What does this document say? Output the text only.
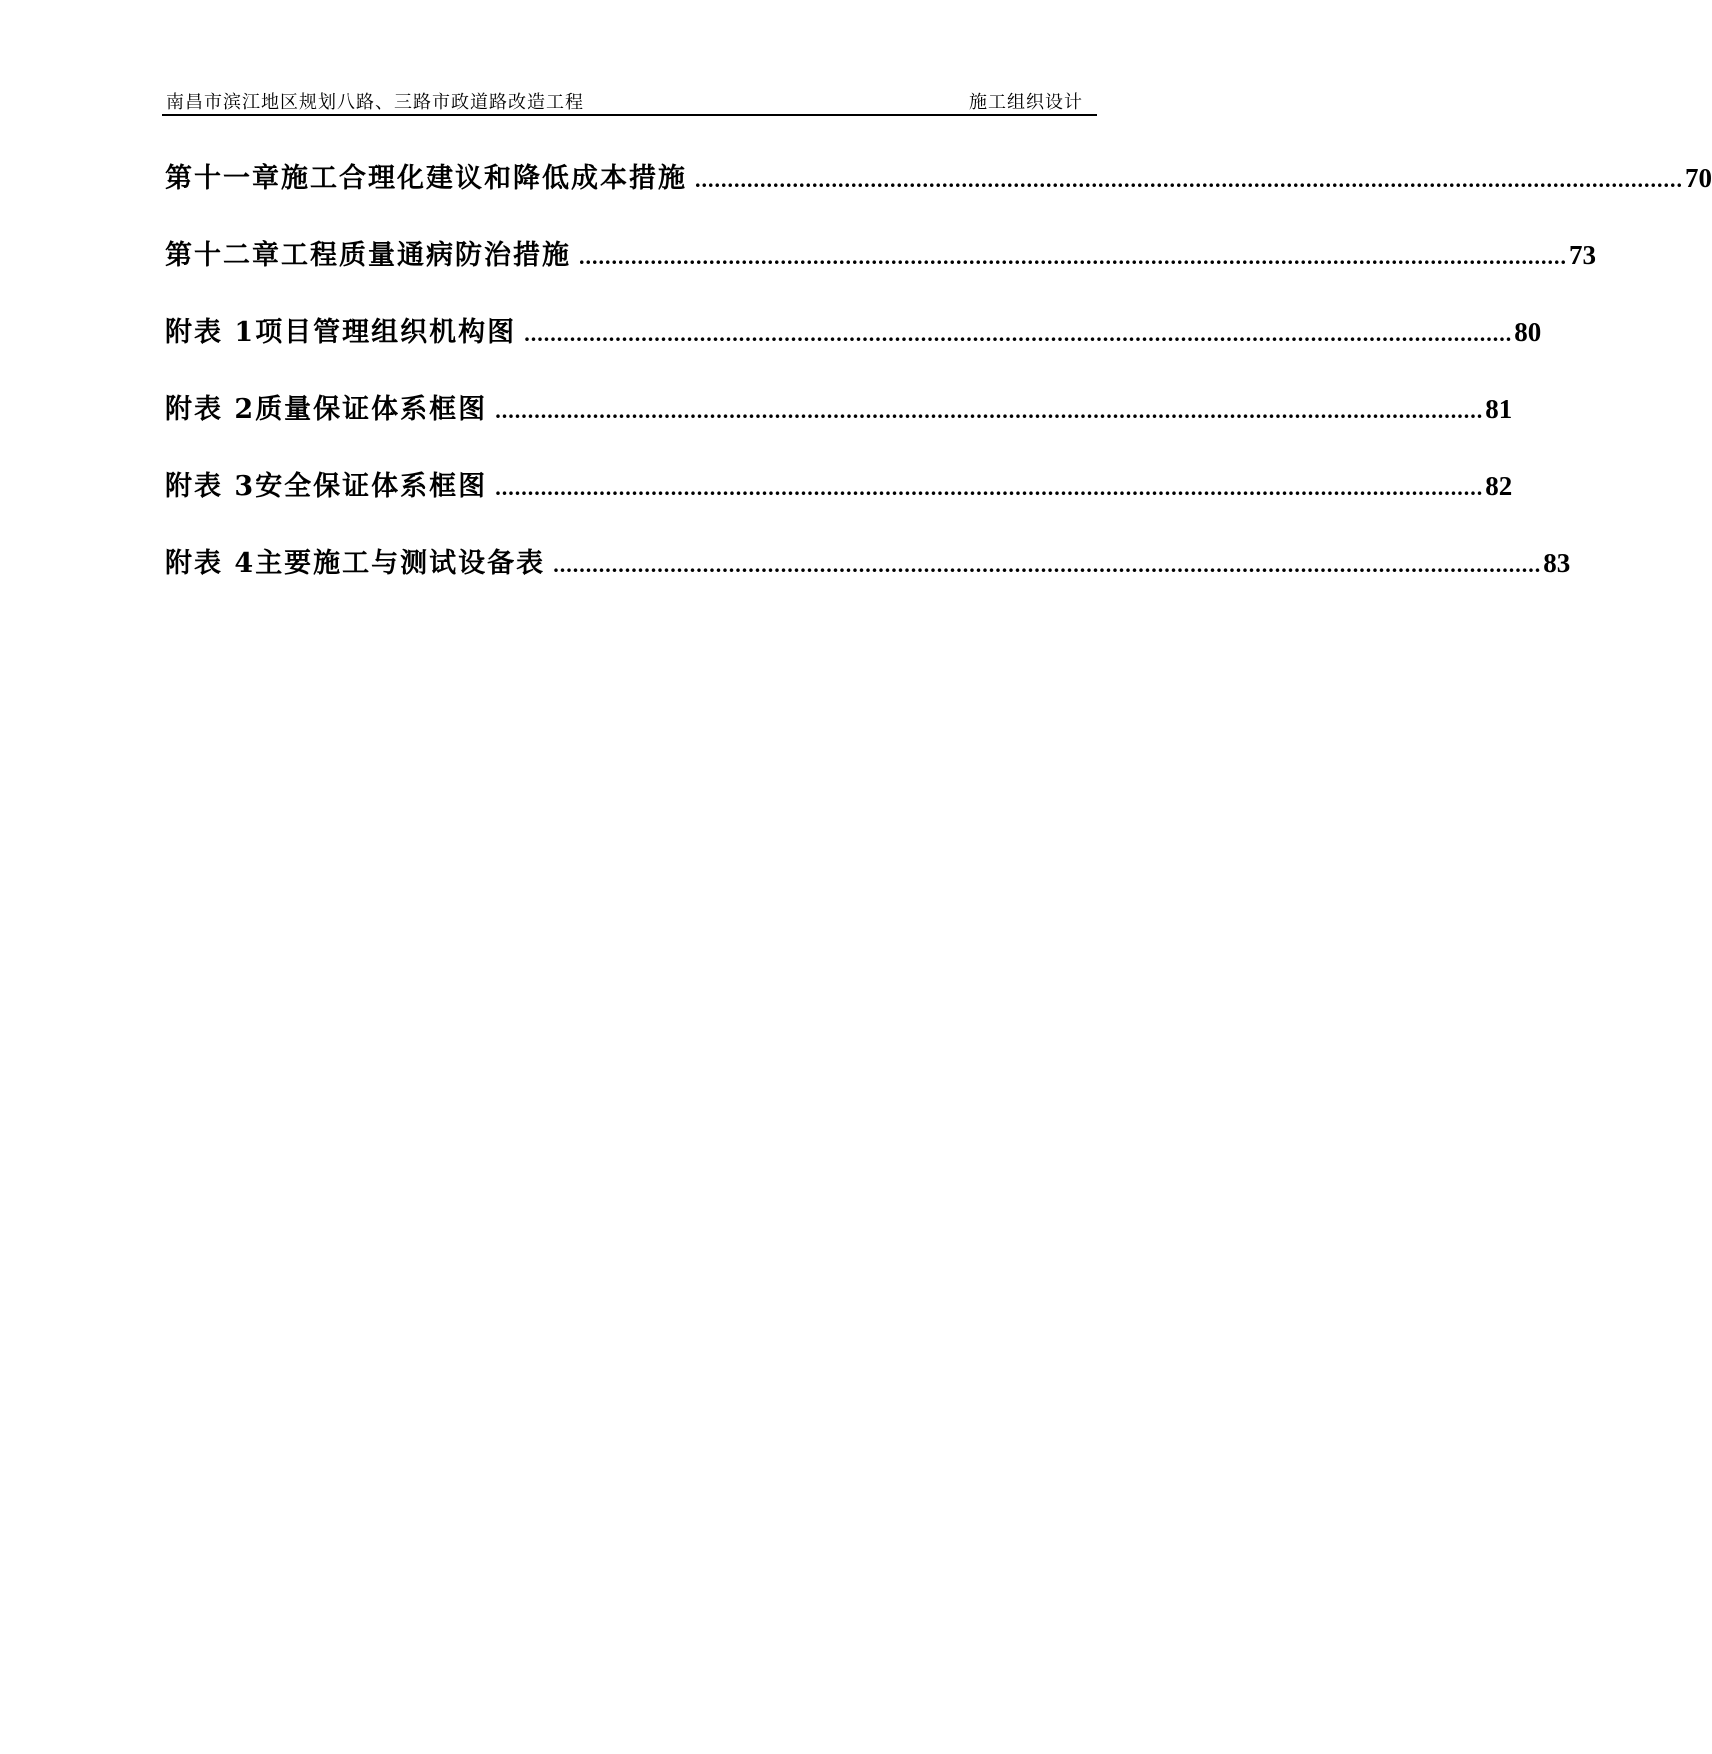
南昌市滨江地区规划八路、三路市政道路改造工程	施工组织设计
第十一章 施工合理化建议和降低成本措施 ........................................................................................................................................................ 70
第十二章 工程质量通病防治措施 ........................................................................................................................................................ 73
附表 1 项目管理组织机构图 ........................................................................................................................................................ 80
附表 2 质量保证体系框图 ........................................................................................................................................................ 81
附表 3 安全保证体系框图 ........................................................................................................................................................ 82
附表 4 主要施工与测试设备表 ........................................................................................................................................................ 83
